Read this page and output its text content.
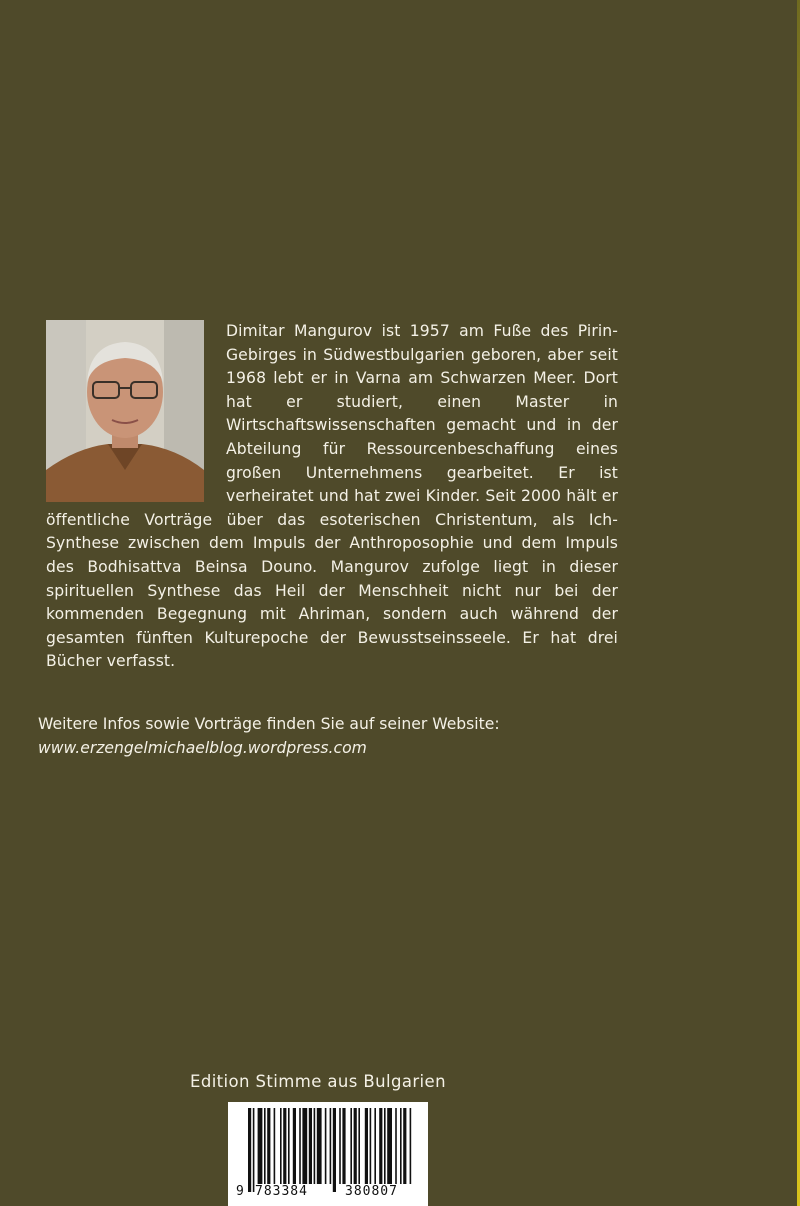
Dimitar Mangurov ist 1957 am Fuße des Pirin-Gebirges in Südwestbulgarien geboren, aber seit 1968 lebt er in Varna am Schwarzen Meer. Dort hat er studiert, einen Master in Wirtschaftswissenschaften gemacht und in der Abteilung für Ressourcenbeschaffung eines großen Unternehmens gearbeitet. Er ist verheiratet und hat zwei Kinder. Seit 2000 hält er öffentliche Vorträge über das esoterischen Christentum, als Ich-Synthese zwischen dem Impuls der Anthroposophie und dem Impuls des Bodhisattva Beinsa Douno. Mangurov zufolge liegt in dieser spirituellen Synthese das Heil der Menschheit nicht nur bei der kommenden Begegnung mit Ahriman, sondern auch während der gesamten fünften Kulturepoche der Bewusstseinsseele. Er hat drei Bücher verfasst.
Weitere Infos sowie Vorträge finden Sie auf seiner Website:
www.erzengelmichaelblog.wordpress.com
Edition Stimme aus Bulgarien
9 783384	380807
